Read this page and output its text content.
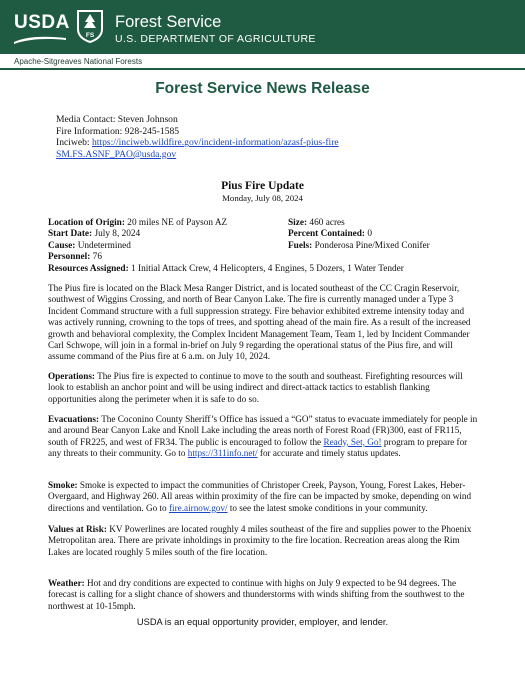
USDA
FS
Forest Service
U.S. DEPARTMENT OF AGRICULTURE
Apache-Sitgreaves National Forests
Forest Service News Release
Media Contact: Steven Johnson
Fire Information: 928-245-1585
Inciweb: https://inciweb.wildfire.gov/incident-information/azasf-pius-fire
SM.FS.ASNF_PAO@usda.gov
Pius Fire Update
Monday, July 08, 2024
Location of Origin: 20 miles NE of Payson AZ	Size: 460 acres
Start Date: July 8, 2024	Percent Contained: 0
Cause: Undetermined	Fuels: Ponderosa Pine/Mixed Conifer
Personnel: 76
Resources Assigned: 1 Initial Attack Crew, 4 Helicopters, 4 Engines, 5 Dozers, 1 Water Tender
The Pius fire is located on the Black Mesa Ranger District, and is located southeast of the CC Cragin Reservoir, southwest of Wiggins Crossing, and north of Bear Canyon Lake. The fire is currently managed under a Type 3 Incident Command structure with a full suppression strategy. Fire behavior exhibited extreme intensity today and was actively running, crowning to the tops of trees, and spotting ahead of the main fire. As a result of the increased growth and behavioral complexity, the Complex Incident Management Team, Team 1, led by Incident Commander Carl Schwope, will join in a formal in-brief on July 9 regarding the operational status of the Pius fire, and will assume command of the Pius fire at 6 a.m. on July 10, 2024.
Operations: The Pius fire is expected to continue to move to the south and southeast. Firefighting resources will look to establish an anchor point and will be using indirect and direct-attack tactics to establish flanking opportunities along the perimeter when it is safe to do so.
Evacuations: The Coconino County Sheriff’s Office has issued a “GO” status to evacuate immediately for people in and around Bear Canyon Lake and Knoll Lake including the areas north of Forest Road (FR)300, east of FR115, south of FR225, and west of FR34. The public is encouraged to follow the Ready, Set, Go! program to prepare for any threats to their community. Go to https://311info.net/ for accurate and timely status updates.
Smoke: Smoke is expected to impact the communities of Christoper Creek, Payson, Young, Forest Lakes, Heber-Overgaard, and Highway 260. All areas within proximity of the fire can be impacted by smoke, depending on wind directions and ventilation. Go to fire.airnow.gov/ to see the latest smoke conditions in your community.
Values at Risk: KV Powerlines are located roughly 4 miles southeast of the fire and supplies power to the Phoenix Metropolitan area. There are private inholdings in proximity to the fire location. Recreation areas along the Rim Lakes are located roughly 5 miles south of the fire location.
Weather: Hot and dry conditions are expected to continue with highs on July 9 expected to be 94 degrees. The forecast is calling for a slight chance of showers and thunderstorms with winds shifting from the southwest to the northwest at 10-15mph.
USDA is an equal opportunity provider, employer, and lender.
